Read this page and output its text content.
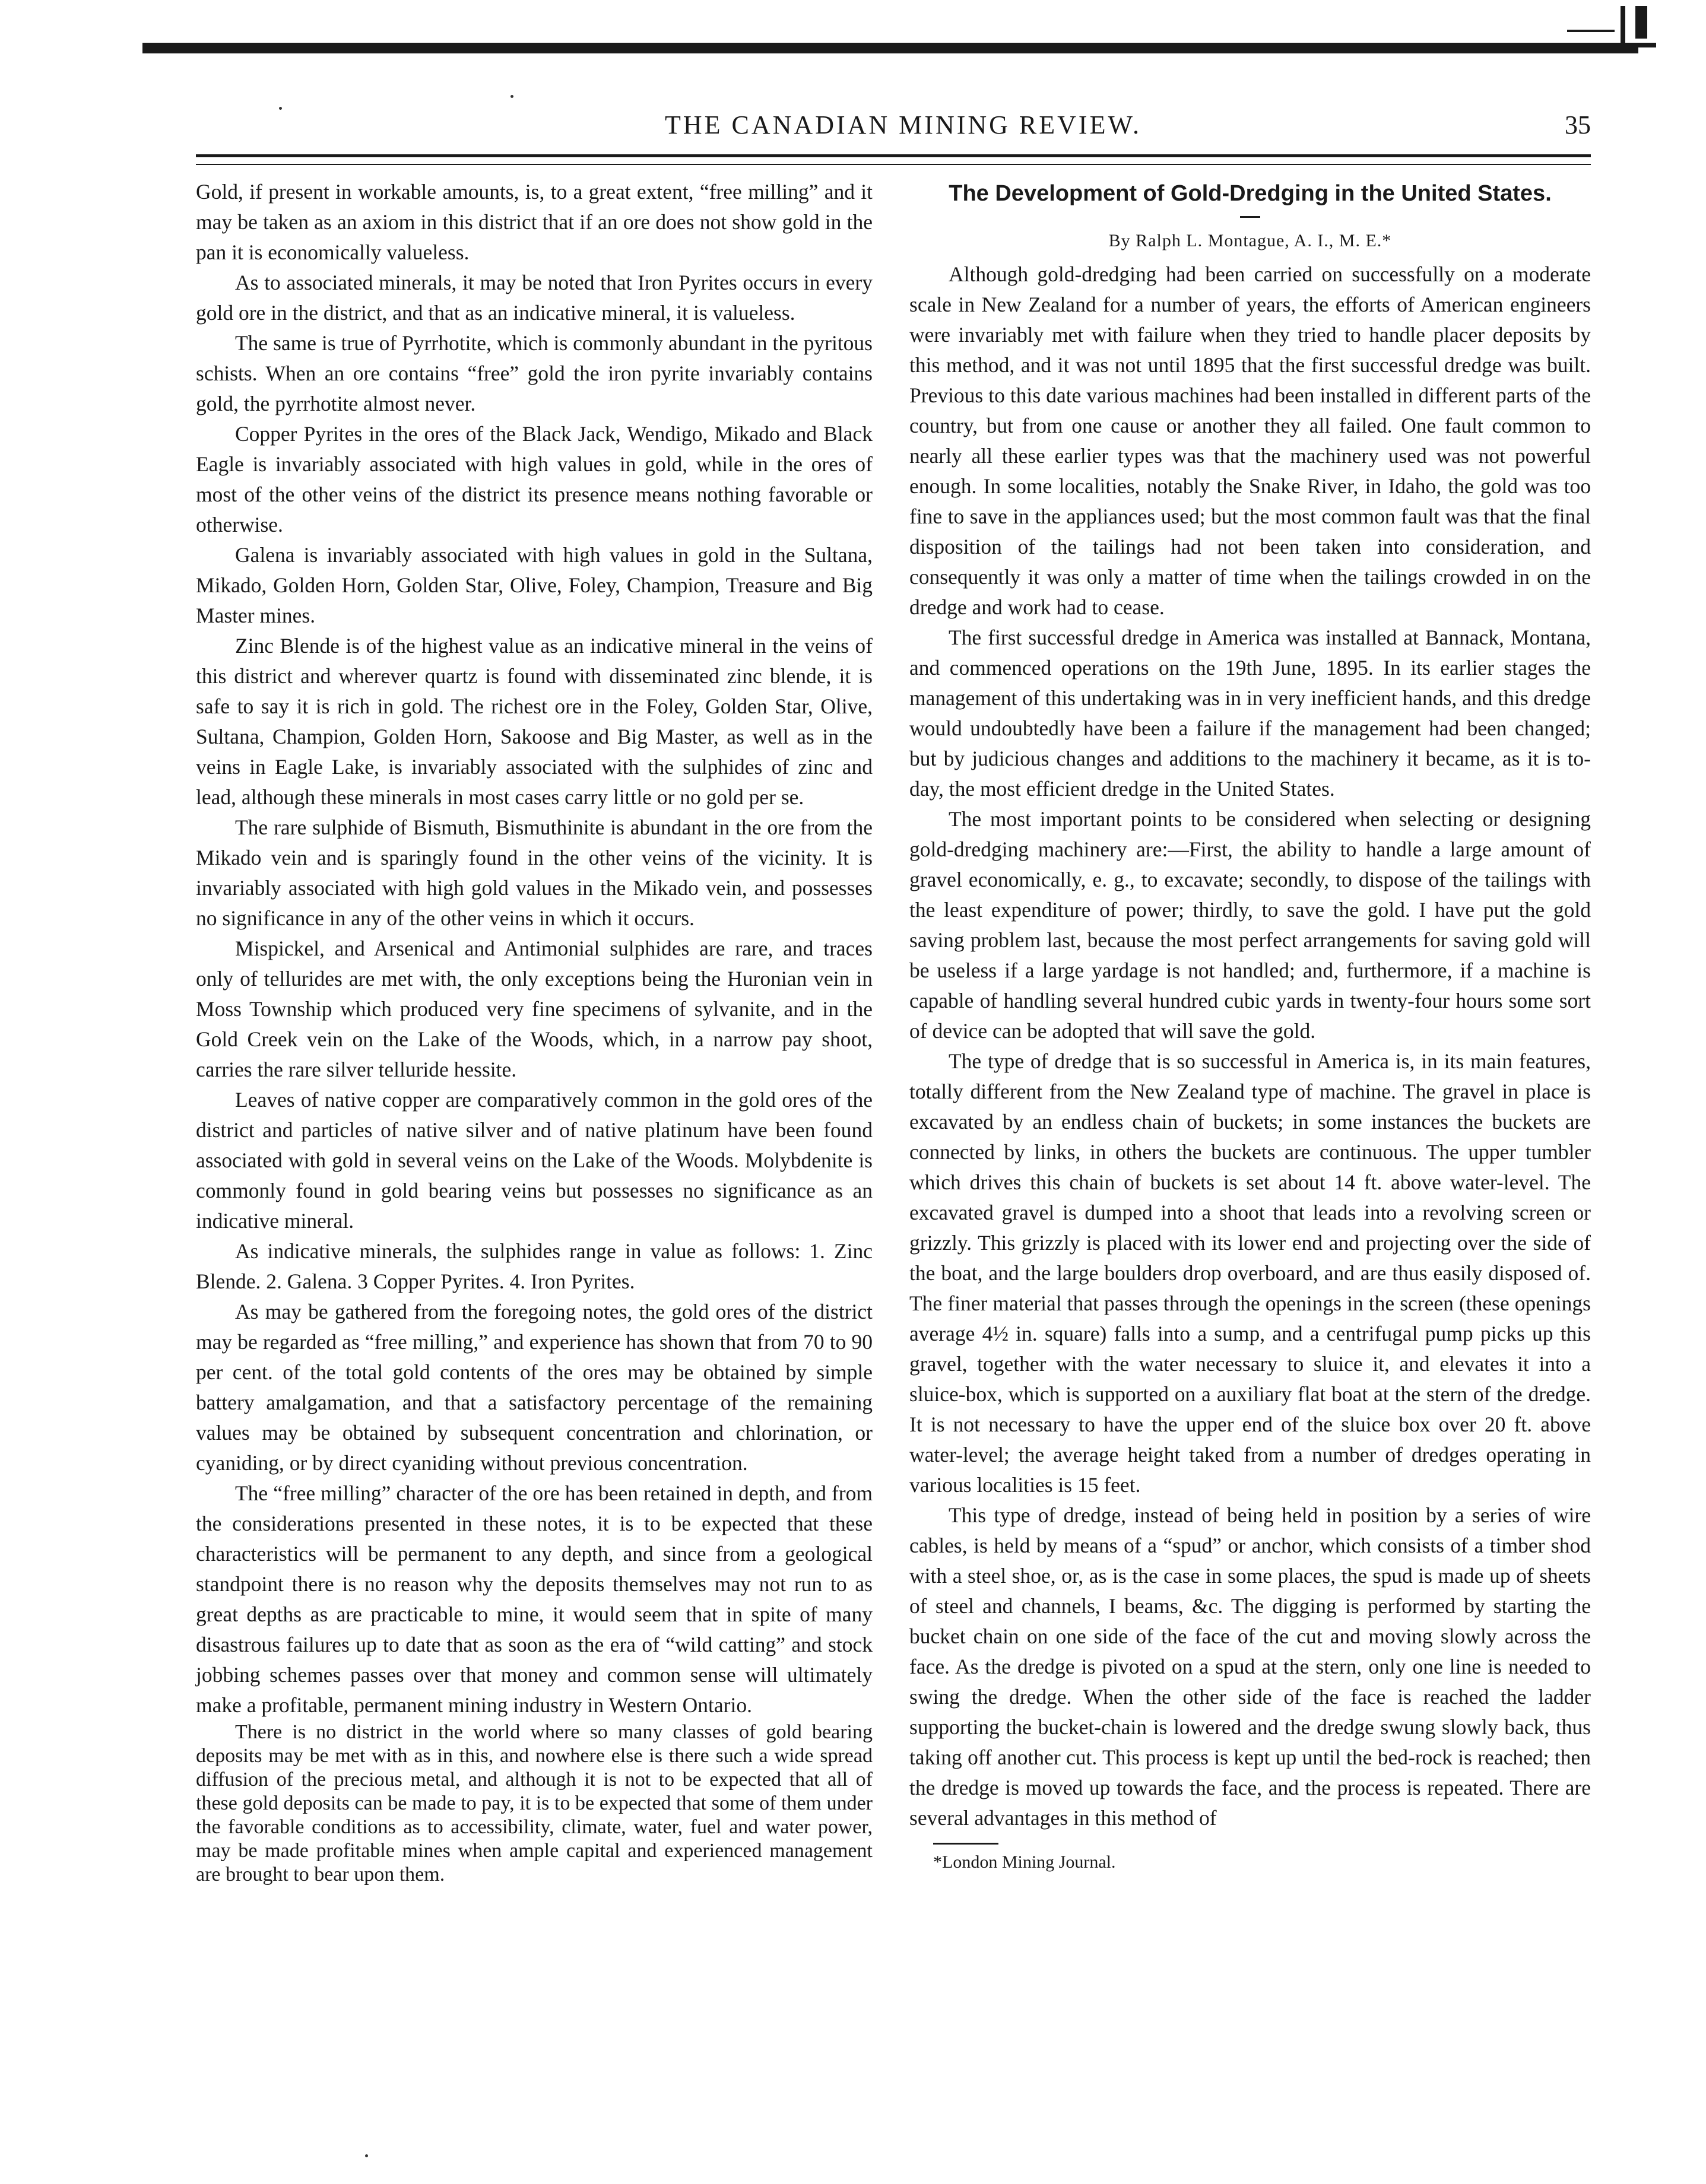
THE CANADIAN MINING REVIEW.	35

Gold, if present in workable amounts, is, to a great extent, “free milling” and it may be taken as an axiom in this district that if an ore does not show gold in the pan it is economically valueless.

As to associated minerals, it may be noted that Iron Pyrites occurs in every gold ore in the district, and that as an indicative mineral, it is valueless.

The same is true of Pyrrhotite, which is commonly abundant in the pyritous schists. When an ore contains “free” gold the iron pyrite invariably contains gold, the pyrrhotite almost never.

Copper Pyrites in the ores of the Black Jack, Wendigo, Mikado and Black Eagle is invariably associated with high values in gold, while in the ores of most of the other veins of the district its presence means nothing favorable or otherwise.

Galena is invariably associated with high values in gold in the Sultana, Mikado, Golden Horn, Golden Star, Olive, Foley, Champion, Treasure and Big Master mines.

Zinc Blende is of the highest value as an indicative mineral in the veins of this district and wherever quartz is found with disseminated zinc blende, it is safe to say it is rich in gold. The richest ore in the Foley, Golden Star, Olive, Sultana, Champion, Golden Horn, Sakoose and Big Master, as well as in the veins in Eagle Lake, is invariably associated with the sulphides of zinc and lead, although these minerals in most cases carry little or no gold per se.

The rare sulphide of Bismuth, Bismuthinite is abundant in the ore from the Mikado vein and is sparingly found in the other veins of the vicinity. It is invariably associated with high gold values in the Mikado vein, and possesses no significance in any of the other veins in which it occurs.

Mispickel, and Arsenical and Antimonial sulphides are rare, and traces only of tellurides are met with, the only exceptions being the Huronian vein in Moss Township which produced very fine specimens of sylvanite, and in the Gold Creek vein on the Lake of the Woods, which, in a narrow pay shoot, carries the rare silver telluride hessite.

Leaves of native copper are comparatively common in the gold ores of the district and particles of native silver and of native platinum have been found associated with gold in several veins on the Lake of the Woods. Molybdenite is commonly found in gold bearing veins but possesses no significance as an indicative mineral.

As indicative minerals, the sulphides range in value as follows: 1. Zinc Blende. 2. Galena. 3 Copper Pyrites. 4. Iron Pyrites.

As may be gathered from the foregoing notes, the gold ores of the district may be regarded as “free milling,” and experience has shown that from 70 to 90 per cent. of the total gold contents of the ores may be obtained by simple battery amalgamation, and that a satisfactory percentage of the remaining values may be obtained by subsequent concentration and chlorination, or cyaniding, or by direct cyaniding without previous concentration.

The “free milling” character of the ore has been retained in depth, and from the considerations presented in these notes, it is to be expected that these characteristics will be permanent to any depth, and since from a geological standpoint there is no reason why the deposits themselves may not run to as great depths as are practicable to mine, it would seem that in spite of many disastrous failures up to date that as soon as the era of “wild catting” and stock jobbing schemes passes over that money and common sense will ultimately make a profitable, permanent mining industry in Western Ontario.

There is no district in the world where so many classes of gold bearing deposits may be met with as in this, and nowhere else is there such a wide spread diffusion of the precious metal, and although it is not to be expected that all of these gold deposits can be made to pay, it is to be expected that some of them under the favorable conditions as to accessibility, climate, water, fuel and water power, may be made profitable mines when ample capital and experienced management are brought to bear upon them.

The Development of Gold-Dredging in the United States.
By Ralph L. Montague, A. I., M. E.*

Although gold-dredging had been carried on successfully on a moderate scale in New Zealand for a number of years, the efforts of American engineers were invariably met with failure when they tried to handle placer deposits by this method, and it was not until 1895 that the first successful dredge was built. Previous to this date various machines had been installed in different parts of the country, but from one cause or another they all failed. One fault common to nearly all these earlier types was that the machinery used was not powerful enough. In some localities, notably the Snake River, in Idaho, the gold was too fine to save in the appliances used; but the most common fault was that the final disposition of the tailings had not been taken into consideration, and consequently it was only a matter of time when the tailings crowded in on the dredge and work had to cease.

The first successful dredge in America was installed at Bannack, Montana, and commenced operations on the 19th June, 1895. In its earlier stages the management of this undertaking was in in very inefficient hands, and this dredge would undoubtedly have been a failure if the management had been changed; but by judicious changes and additions to the machinery it became, as it is to-day, the most efficient dredge in the United States.

The most important points to be considered when selecting or designing gold-dredging machinery are:—First, the ability to handle a large amount of gravel economically, e. g., to excavate; secondly, to dispose of the tailings with the least expenditure of power; thirdly, to save the gold. I have put the gold saving problem last, because the most perfect arrangements for saving gold will be useless if a large yardage is not handled; and, furthermore, if a machine is capable of handling several hundred cubic yards in twenty-four hours some sort of device can be adopted that will save the gold.

The type of dredge that is so successful in America is, in its main features, totally different from the New Zealand type of machine. The gravel in place is excavated by an endless chain of buckets; in some instances the buckets are connected by links, in others the buckets are continuous. The upper tumbler which drives this chain of buckets is set about 14 ft. above water-level. The excavated gravel is dumped into a shoot that leads into a revolving screen or grizzly. This grizzly is placed with its lower end and projecting over the side of the boat, and the large boulders drop overboard, and are thus easily disposed of. The finer material that passes through the openings in the screen (these openings average 4½ in. square) falls into a sump, and a centrifugal pump picks up this gravel, together with the water necessary to sluice it, and elevates it into a sluice-box, which is supported on a auxiliary flat boat at the stern of the dredge. It is not necessary to have the upper end of the sluice box over 20 ft. above water-level; the average height taked from a number of dredges operating in various localities is 15 feet.

This type of dredge, instead of being held in position by a series of wire cables, is held by means of a “spud” or anchor, which consists of a timber shod with a steel shoe, or, as is the case in some places, the spud is made up of sheets of steel and channels, I beams, &c. The digging is performed by starting the bucket chain on one side of the face of the cut and moving slowly across the face. As the dredge is pivoted on a spud at the stern, only one line is needed to swing the dredge. When the other side of the face is reached the ladder supporting the bucket-chain is lowered and the dredge swung slowly back, thus taking off another cut. This process is kept up until the bed-rock is reached; then the dredge is moved up towards the face, and the process is repeated. There are several advantages in this method of

*London Mining Journal.
